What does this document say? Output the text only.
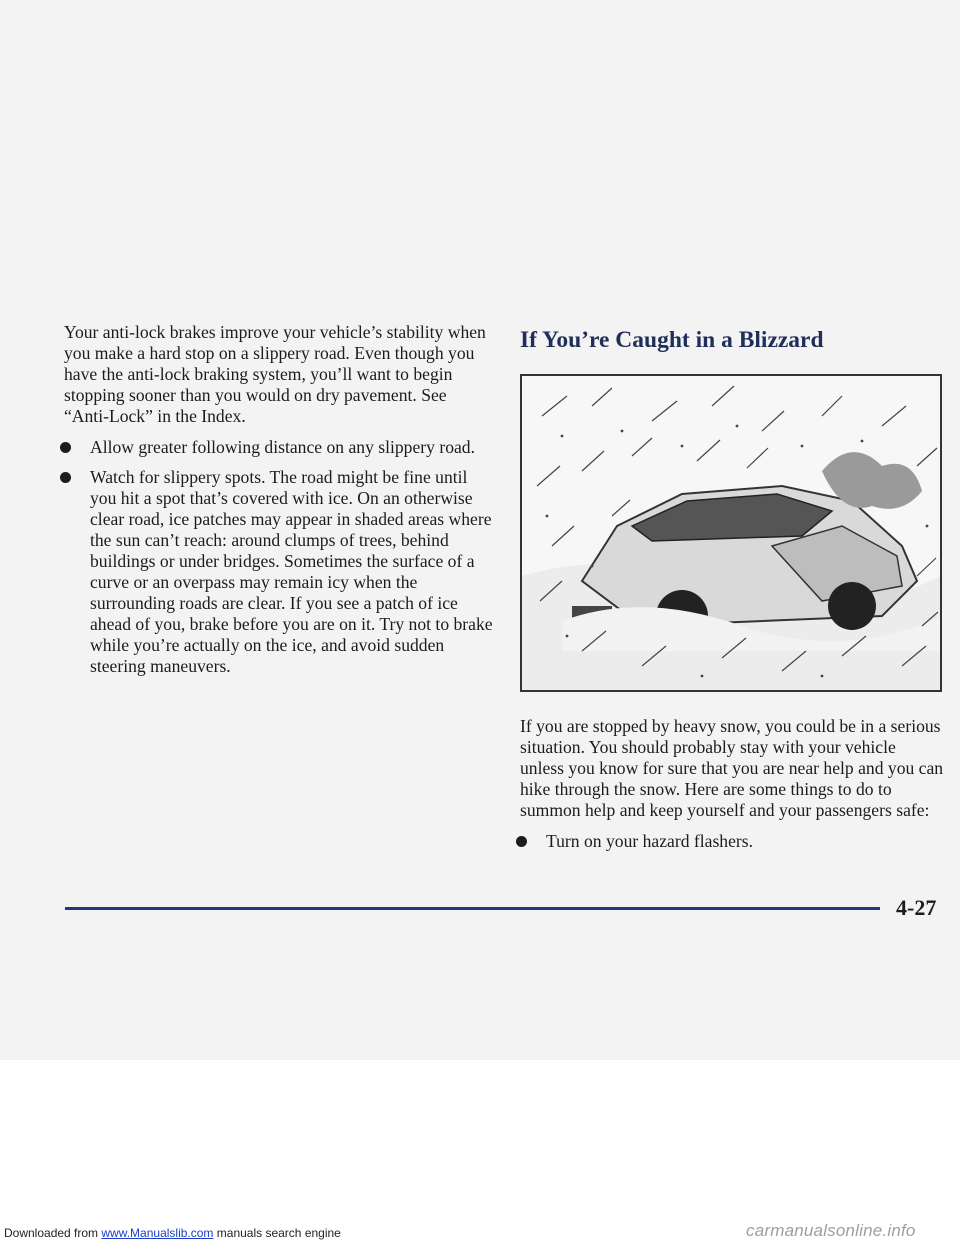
Your anti-lock brakes improve your vehicle’s stability when you make a hard stop on a slippery road. Even though you have the anti-lock braking system, you’ll want to begin stopping sooner than you would on dry pavement. See “Anti-Lock” in the Index.

Allow greater following distance on any slippery road.
Watch for slippery spots. The road might be fine until you hit a spot that’s covered with ice. On an otherwise clear road, ice patches may appear in shaded areas where the sun can’t reach: around clumps of trees, behind buildings or under bridges. Sometimes the surface of a curve or an overpass may remain icy when the surrounding roads are clear. If you see a patch of ice ahead of you, brake before you are on it. Try not to brake while you’re actually on the ice, and avoid sudden steering maneuvers.
If You’re Caught in a Blizzard

If you are stopped by heavy snow, you could be in a serious situation. You should probably stay with your vehicle unless you know for sure that you are near help and you can hike through the snow. Here are some things to do to summon help and keep yourself and your passengers safe:

Turn on your hazard flashers.
4-27
Downloaded from www.Manualslib.com manuals search engine	carmanualsonline.info
